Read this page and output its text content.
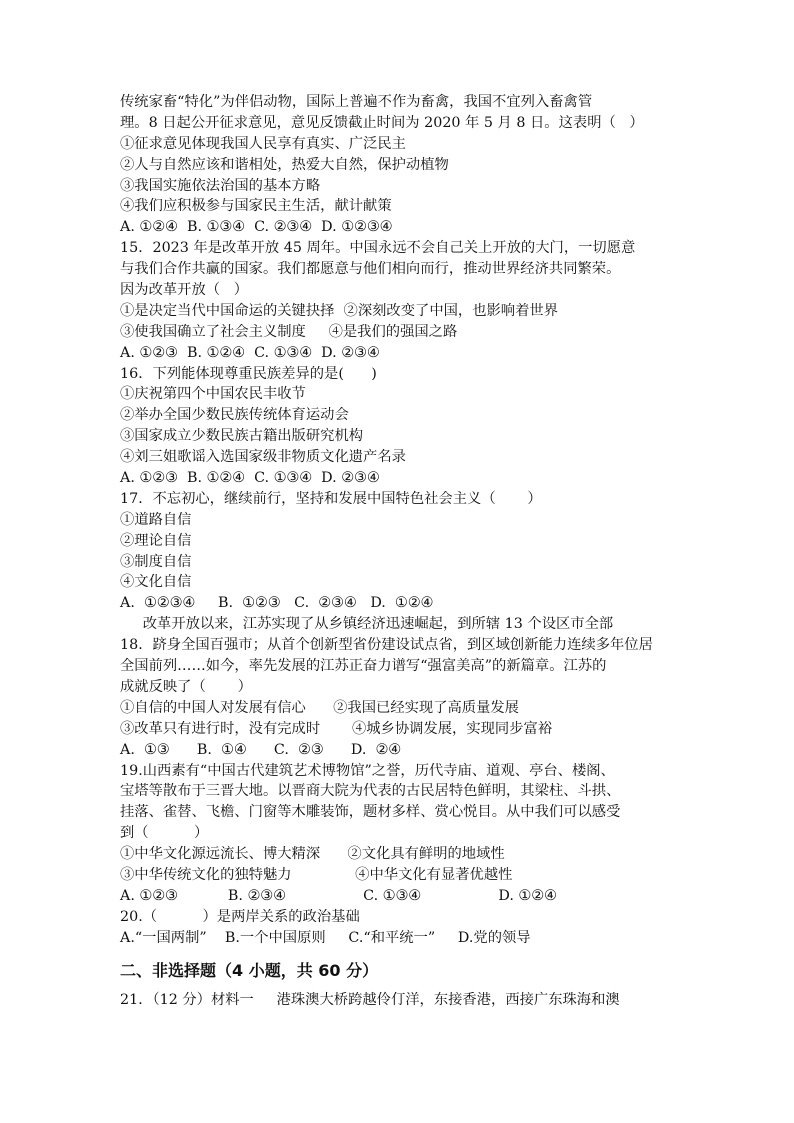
传统家畜“特化”为伴侣动物，国际上普遍不作为畜禽，我国不宜列入畜禽管
理。8 日起公开征求意见，意见反馈截止时间为 2020 年 5 月 8 日。这表明（   ）
①征求意见体现我国人民享有真实、广泛民主
②人与自然应该和谐相处，热爱大自然，保护动植物
③我国实施依法治国的基本方略
④我们应积极参与国家民主生活，献计献策
A. ①②④  B. ①③④  C. ②③④  D. ①②③④
15．2023 年是改革开放 45 周年。中国永远不会自己关上开放的大门，一切愿意
与我们合作共赢的国家。我们都愿意与他们相向而行，推动世界经济共同繁荣。
因为改革开放（   ）
①是决定当代中国命运的关键抉择  ②深刻改变了中国，也影响着世界
③使我国确立了社会主义制度     ④是我们的强国之路
A. ①②③  B. ①②④  C. ①③④  D. ②③④
16．下列能体现尊重民族差异的是(      )
①庆祝第四个中国农民丰收节
②举办全国少数民族传统体育运动会
③国家成立少数民族古籍出版研究机构
④刘三姐歌谣入选国家级非物质文化遗产名录
A. ①②③  B. ①②④  C. ①③④  D. ②③④
17．不忘初心，继续前行，坚持和发展中国特色社会主义（       ）
①道路自信
②理论自信
③制度自信
④文化自信
A.  ①②③④     B.  ①②③   C.  ②③④   D.  ①②④
改革开放以来，江苏实现了从乡镇经济迅速崛起，到所辖 13 个设区市全部
18．跻身全国百强市；从首个创新型省份建设试点省，到区域创新能力连续多年位居
全国前列……如今，率先发展的江苏正奋力谱写“强富美高”的新篇章。江苏的
成就反映了（       ）
①自信的中国人对发展有信心      ②我国已经实现了高质量发展
③改革只有进行时，没有完成时       ④城乡协调发展，实现同步富裕
A.  ①③      B.  ①④      C.  ②③      D.  ②④
19.山西素有“中国古代建筑艺术博物馆”之誉，历代寺庙、道观、亭台、楼阁、
宝塔等散布于三晋大地。以晋商大院为代表的古民居特色鲜明，其梁柱、斗拱、
挂落、雀替、飞檐、门窗等木雕装饰，题材多样、赏心悦目。从中我们可以感受
到（          ）
①中华文化源远流长、博大精深      ②文化具有鲜明的地域性
③中华传统文化的独特魅力              ④中华文化有显著优越性
A. ①②③           B. ②③④                 C. ①③④                 D. ①②④
20.（          ）是两岸关系的政治基础
A.“一国两制”    B.一个中国原则     C.“和平统一”     D.党的领导
二、非选择题（4 小题，共 60 分）
21．（12 分）材料一     港珠澳大桥跨越伶仃洋，东接香港，西接广东珠海和澳
